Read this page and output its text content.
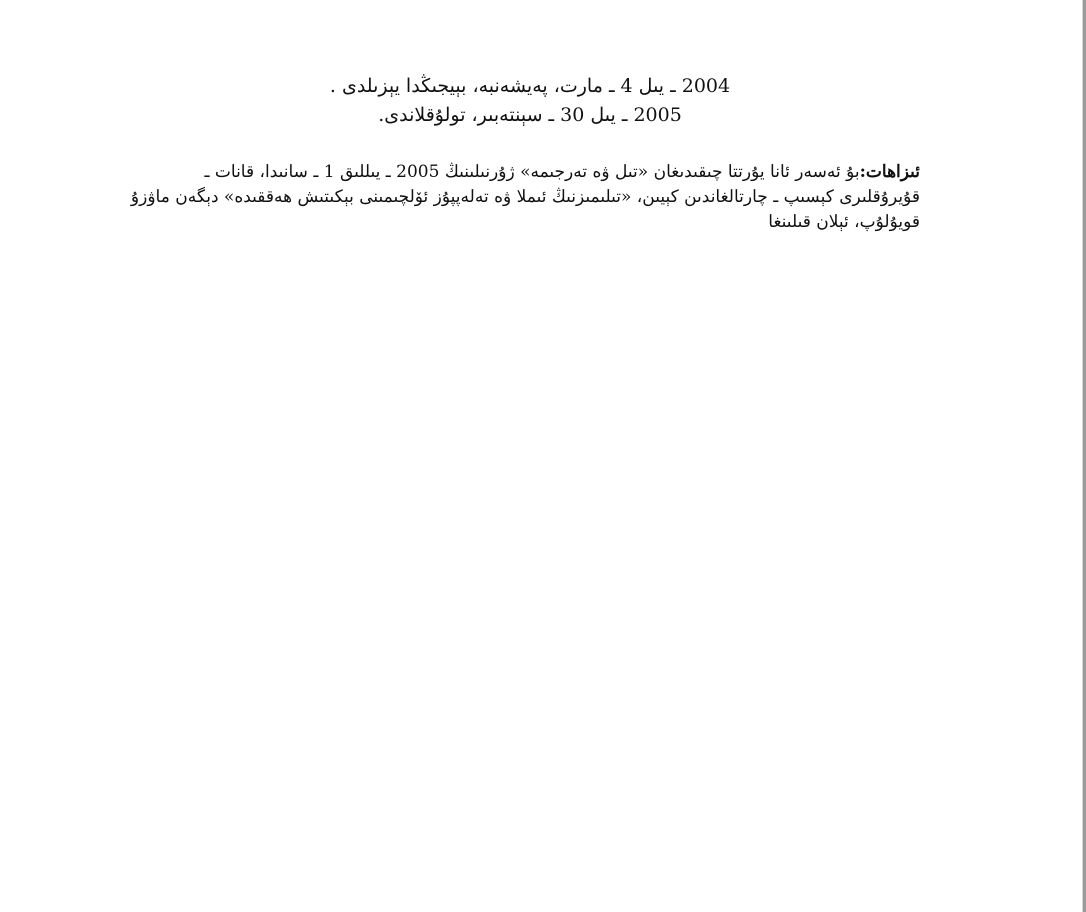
2004 ـ يىل 4 ـ مارت، پەيشەنبە، بېيجىڭدا يېزىلدى .
2005 ـ يىل 30 ـ سېنتەبىر، تولۇقلاندى.
ئىزاھات:بۇ ئەسەر ئانا يۇرتتا چىقىدىغان «تىل ۋە تەرجىمە» ژۇرنىلىنىڭ 2005 ـ يىللىق 1 ـ سانىدا، قانات ـ قۇيرۇقلىرى كېسىپ ـ چارتالغاندىن كېيىن، «تىلىمىزنىڭ ئىملا ۋە تەلەپپۇز ئۆلچىمىنى بېكىتىش ھەققىدە» دېگەن ماۋزۇ قويۇلۇپ، ئېلان قىلىنغا
